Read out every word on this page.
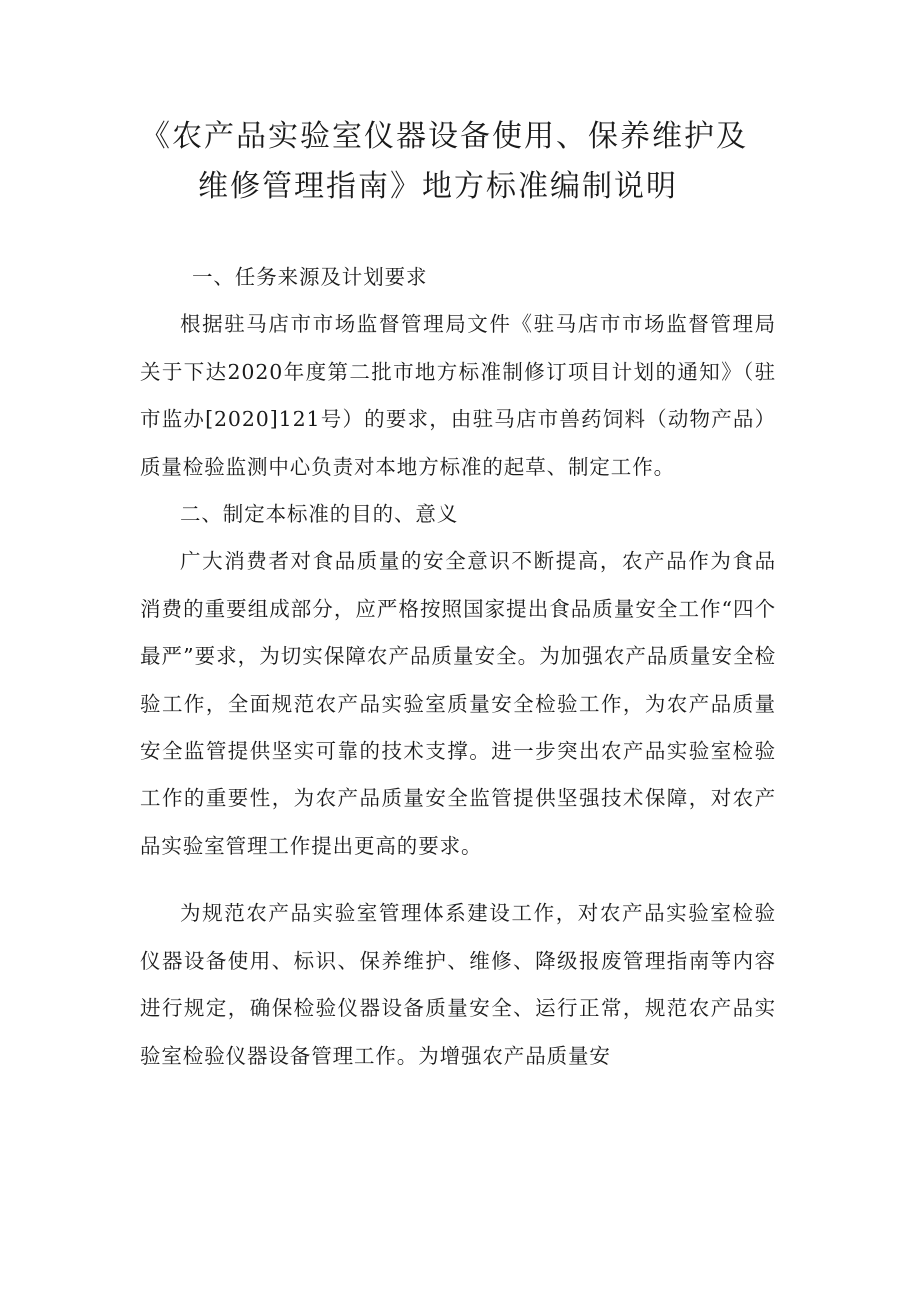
《农产品实验室仪器设备使用、保养维护及
维修管理指南》地方标准编制说明

一、任务来源及计划要求

根据驻马店市市场监督管理局文件《驻马店市市场监督管理局关于下达2020年度第二批市地方标准制修订项目计划的通知》（驻市监办[2020]121号）的要求，由驻马店市兽药饲料（动物产品）质量检验监测中心负责对本地方标准的起草、制定工作。

二、制定本标准的目的、意义

广大消费者对食品质量的安全意识不断提高，农产品作为食品消费的重要组成部分，应严格按照国家提出食品质量安全工作“四个最严”要求，为切实保障农产品质量安全。为加强农产品质量安全检验工作，全面规范农产品实验室质量安全检验工作，为农产品质量安全监管提供坚实可靠的技术支撑。进一步突出农产品实验室检验工作的重要性，为农产品质量安全监管提供坚强技术保障，对农产品实验室管理工作提出更高的要求。

为规范农产品实验室管理体系建设工作，对农产品实验室检验仪器设备使用、标识、保养维护、维修、降级报废管理指南等内容进行规定，确保检验仪器设备质量安全、运行正常，规范农产品实验室检验仪器设备管理工作。为增强农产品质量安
